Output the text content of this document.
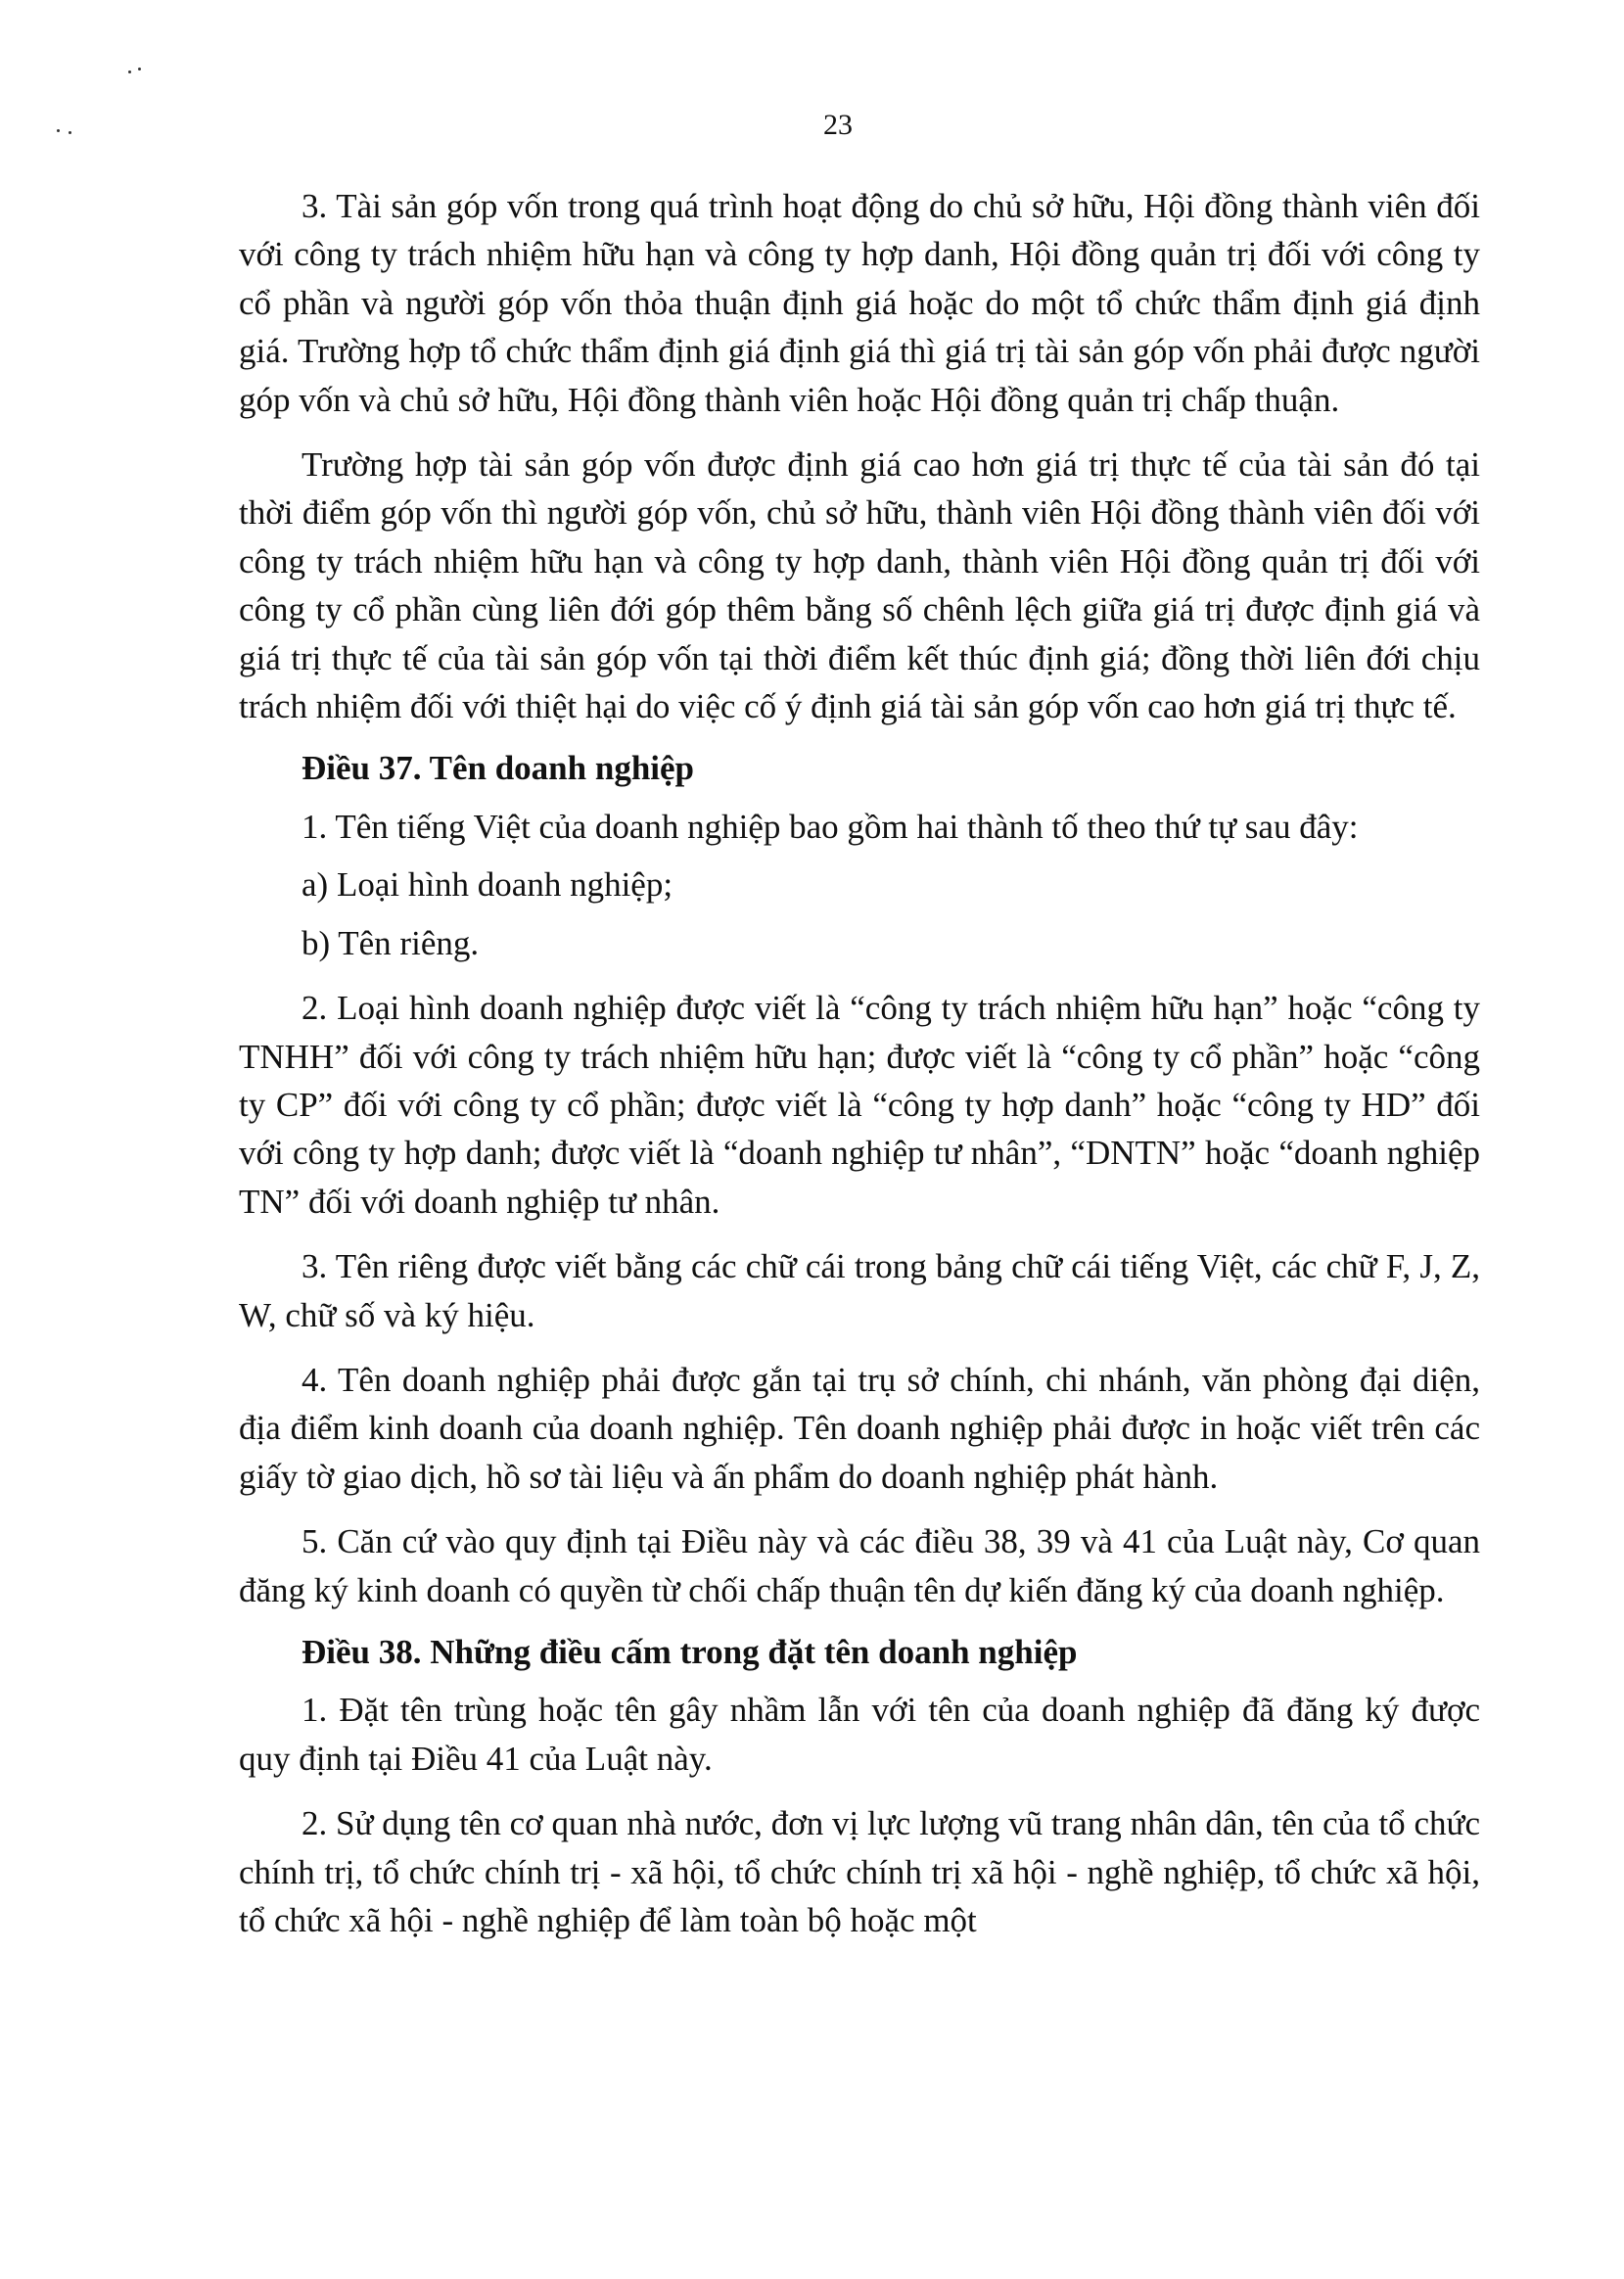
23

3. Tài sản góp vốn trong quá trình hoạt động do chủ sở hữu, Hội đồng thành viên đối với công ty trách nhiệm hữu hạn và công ty hợp danh, Hội đồng quản trị đối với công ty cổ phần và người góp vốn thỏa thuận định giá hoặc do một tổ chức thẩm định giá định giá. Trường hợp tổ chức thẩm định giá định giá thì giá trị tài sản góp vốn phải được người góp vốn và chủ sở hữu, Hội đồng thành viên hoặc Hội đồng quản trị chấp thuận.

Trường hợp tài sản góp vốn được định giá cao hơn giá trị thực tế của tài sản đó tại thời điểm góp vốn thì người góp vốn, chủ sở hữu, thành viên Hội đồng thành viên đối với công ty trách nhiệm hữu hạn và công ty hợp danh, thành viên Hội đồng quản trị đối với công ty cổ phần cùng liên đới góp thêm bằng số chênh lệch giữa giá trị được định giá và giá trị thực tế của tài sản góp vốn tại thời điểm kết thúc định giá; đồng thời liên đới chịu trách nhiệm đối với thiệt hại do việc cố ý định giá tài sản góp vốn cao hơn giá trị thực tế.

Điều 37. Tên doanh nghiệp

1. Tên tiếng Việt của doanh nghiệp bao gồm hai thành tố theo thứ tự sau đây:

a) Loại hình doanh nghiệp;

b) Tên riêng.

2. Loại hình doanh nghiệp được viết là “công ty trách nhiệm hữu hạn” hoặc “công ty TNHH” đối với công ty trách nhiệm hữu hạn; được viết là “công ty cổ phần” hoặc “công ty CP” đối với công ty cổ phần; được viết là “công ty hợp danh” hoặc “công ty HD” đối với công ty hợp danh; được viết là “doanh nghiệp tư nhân”, “DNTN” hoặc “doanh nghiệp TN” đối với doanh nghiệp tư nhân.

3. Tên riêng được viết bằng các chữ cái trong bảng chữ cái tiếng Việt, các chữ F, J, Z, W, chữ số và ký hiệu.

4. Tên doanh nghiệp phải được gắn tại trụ sở chính, chi nhánh, văn phòng đại diện, địa điểm kinh doanh của doanh nghiệp. Tên doanh nghiệp phải được in hoặc viết trên các giấy tờ giao dịch, hồ sơ tài liệu và ấn phẩm do doanh nghiệp phát hành.

5. Căn cứ vào quy định tại Điều này và các điều 38, 39 và 41 của Luật này, Cơ quan đăng ký kinh doanh có quyền từ chối chấp thuận tên dự kiến đăng ký của doanh nghiệp.

Điều 38. Những điều cấm trong đặt tên doanh nghiệp

1. Đặt tên trùng hoặc tên gây nhầm lẫn với tên của doanh nghiệp đã đăng ký được quy định tại Điều 41 của Luật này.

2. Sử dụng tên cơ quan nhà nước, đơn vị lực lượng vũ trang nhân dân, tên của tổ chức chính trị, tổ chức chính trị - xã hội, tổ chức chính trị xã hội - nghề nghiệp, tổ chức xã hội, tổ chức xã hội - nghề nghiệp để làm toàn bộ hoặc một
